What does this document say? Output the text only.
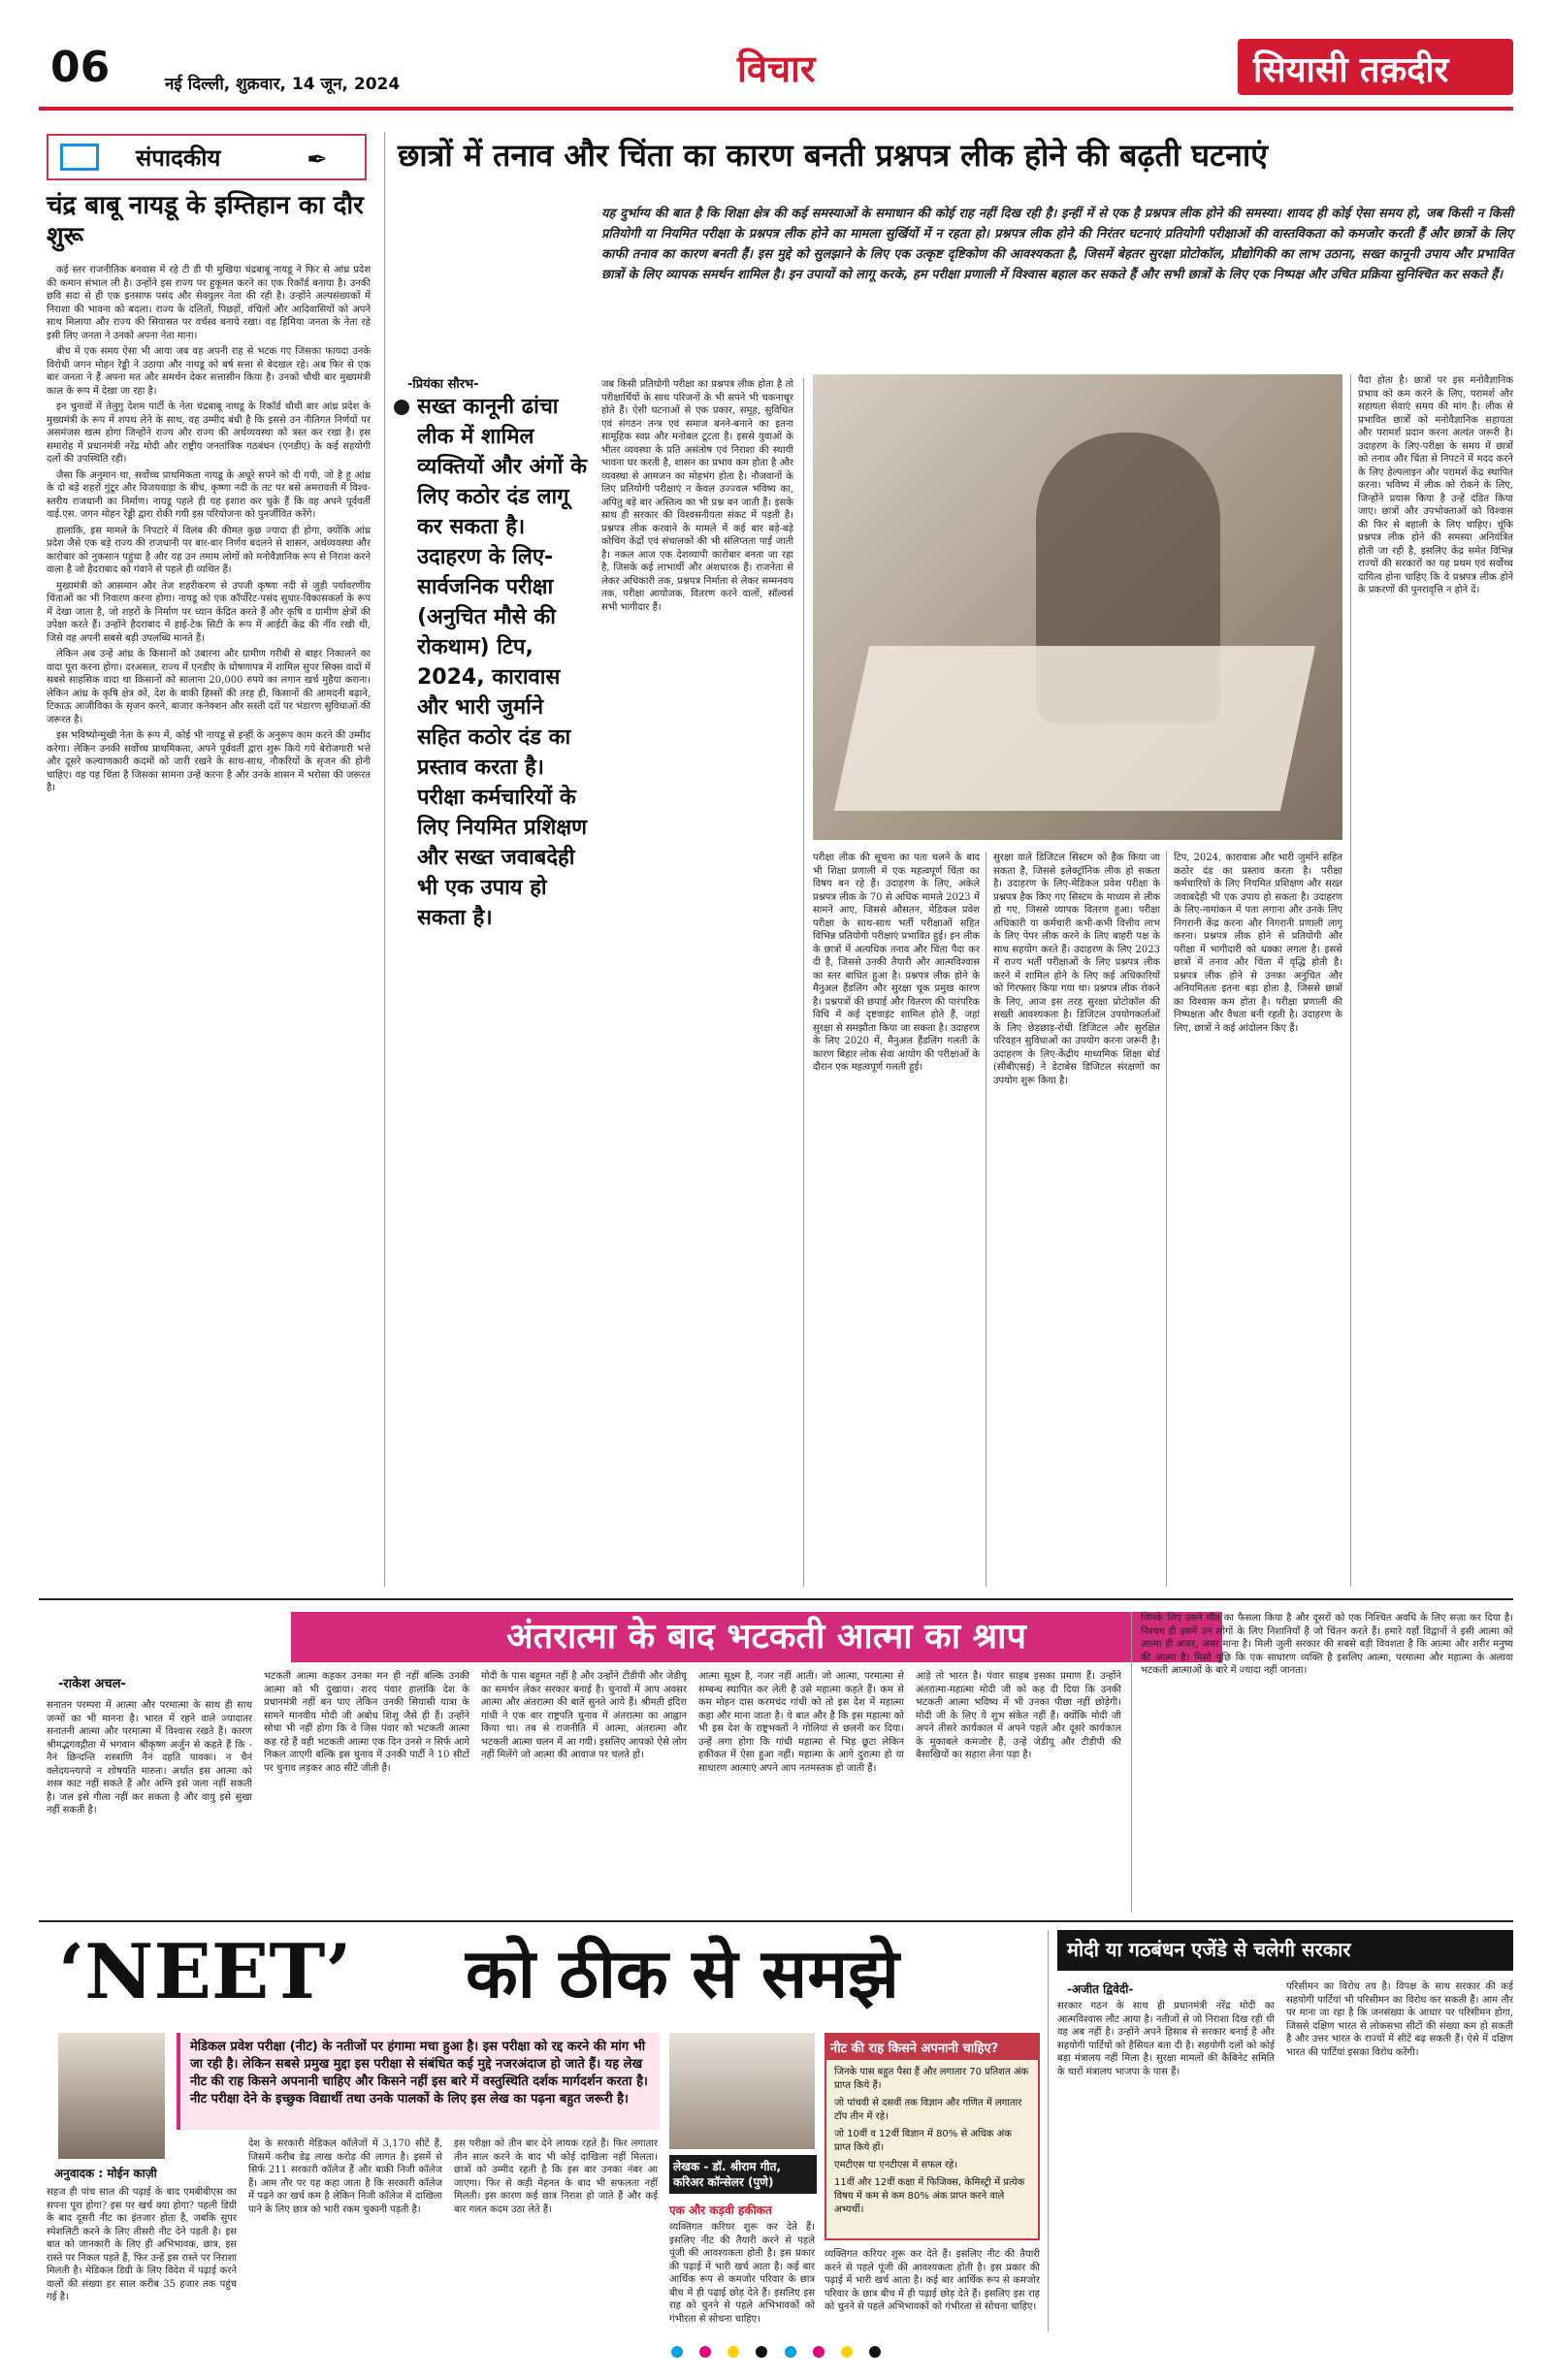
06	नई दिल्ली, शुक्रवार, 14 जून, 2024	विचार	सियासी तक़दीर
संपादकीय	✒
चंद्र बाबू नायडू के इम्तिहान का दौर शुरू

कई स्तर राजनीतिक बनवास में रहे टी डी पी मुखिया चंद्रबाबू नायडू ने फिर से आंध्र प्रदेश की कमान संभाल ली है। उन्होंने इस राज्य पर हुकूमत करने का एक रिकॉर्ड बनाया है। उनकी छवि सदा से ही एक इनसाफ पसंद और सेक्युलर नेता की रही है। उन्होंने अल्पसंख्यकों में निराशा की भावना को बदला। राज्य के दलितों, पिछड़ों, वंचितों और आदिवासियों को अपने साथ मिलाया और राज्य की सियासत पर वर्चस्व बनाये रखा। वह हिमिया जनता के नेता रहे इसी लिए जनता ने उनको अपना नेता माना।

बीच में एक समय ऐसा भी आया जब वह अपनी राह से भटक गए जिसका फायदा उनके विरोधी जगन मोहन रेड्डी ने उठाया और नायडू को बर्ष सत्ता से बेदखल रहे। अब फिर से एक बार जनता ने हैं अपना मत और समर्थन देकर सत्तासीन किया है। उनको चौथी बार मुख्यमंत्री काल के रूप में देखा जा रहा है।

इन चुनावों में तेलुगु देशम पार्टी के नेता चंद्रबाबू नायडू के रिकॉर्ड चौथी बार आंध्र प्रदेश के मुख्यमंत्री के रूप में शपथ लेने के साथ, वह उम्मीद बंधी है कि इससे उन नीतिगत निर्णयों पर असमंजस खत्म होगा जिन्होंने राज्य और राज्य की अर्थव्यवस्था को त्रस्त कर रखा है। इस समारोह में प्रधानमंत्री नरेंद्र मोदी और राष्ट्रीय जनतांत्रिक गठबंधन (एनडीए) के कई सहयोगी दलों की उपस्थिति रही।

जैसा कि अनुमान था, सर्वोच्च प्राथमिकता नायडू के अधूरे सपने को दी गयी, जो है हू आंध्र के दो बड़े शहरों गुंटूर और विजयवाड़ा के बीच, कृष्णा नदी के तट पर बसे अमरावती में विश्व-स्तरीय राजधानी का निर्माण। नायडू पहले ही यह इशारा कर चुके हैं कि वह अपने पूर्ववर्ती वाई.एस. जगन मोहन रेड्डी द्वारा रोकी गयी इस परियोजना को पुनर्जीवित करेंगे।

हालांकि, इस मामले के निपटारे में विलंब की कीमत कुछ ज्यादा ही होगा, क्योंकि आंध्र प्रदेश जैसे एक बड़े राज्य की राजधानी पर बार-बार निर्णय बदलने से शासन, अर्थव्यवस्था और कारोबार को नुकसान पहुंचा है और यह उन तमाम लोगों को मनोवैज्ञानिक रूप से निराश करने वाला है जो हैदराबाद को गंवाने से पहले ही व्यथित हैं।

मुख्यमंत्री को आसमान और तेज शहरीकरण से उपजी कृष्णा नदी से जुड़ी पर्यावरणीय चिंताओं का भी निवारण करना होगा। नायडू को एक कॉर्पोरेट-पसंद सुधार-विकासकर्ता के रूप में देखा जाता है, जो शहरों के निर्माण पर ध्यान केंद्रित करते हैं और कृषि व ग्रामीण क्षेत्रों की उपेक्षा करते हैं। उन्होंने हैदराबाद में हाई-टेक सिटी के रूप में आईटी केंद्र की नींव रखी थी, जिसे वह अपनी सबसे बड़ी उपलब्धि मानते हैं।

लेकिन अब उन्हें आंध्र के किसानों को उबारना और ग्रामीण गरीबी से बाहर निकालने का वादा पूरा करना होगा। दरअसल, राज्य में एनडीए के घोषणापत्र में शामिल सुपर सिक्स वादों में सबसे साहसिक वादा था किसानों को सालाना 20,000 रुपये का लगान खर्च मुहैया कराना। लेकिन आंध्र के कृषि क्षेत्र को, देश के बाकी हिस्सों की तरह ही, किसानों की आमदनी बढ़ाने, टिकाऊ आजीविका के सृजन करने, बाजार कनेक्शन और सस्ती दरों पर भंडारण सुविधाओं की जरूरत है।

इस भविष्योन्मुखी नेता के रूप में, कोई भी नायडू से इन्हीं के अनुरूप काम करने की उम्मीद करेगा। लेकिन उनकी सर्वोच्च प्राथमिकता, अपने पूर्ववर्ती द्वारा शुरू किये गये बेरोजगारी भत्ते और दूसरे कल्याणकारी कदमों को जारी रखने के साथ-साथ, नौकरियों के सृजन की होनी चाहिए। वह यह चिंता है जिसका सामना उन्हें करना है और उनके शासन में भरोसा की जरूरत है।

छात्रों में तनाव और चिंता का कारण बनती प्रश्नपत्र लीक होने की बढ़ती घटनाएं
यह दुर्भाग्य की बात है कि शिक्षा क्षेत्र की कई समस्याओं के समाधान की कोई राह नहीं दिख रही है। इन्हीं में से एक है प्रश्नपत्र लीक होने की समस्या। शायद ही कोई ऐसा समय हो, जब किसी न किसी प्रतियोगी या नियमित परीक्षा के प्रश्नपत्र लीक होने का मामला सुर्खियों में न रहता हो। प्रश्नपत्र लीक होने की निरंतर घटनाएं प्रतियोगी परीक्षाओं की वास्तविकता को कमजोर करती हैं और छात्रों के लिए काफी तनाव का कारण बनती हैं। इस मुद्दे को सुलझाने के लिए एक उत्कृष्ट दृष्टिकोण की आवश्यकता है, जिसमें बेहतर सुरक्षा प्रोटोकॉल, प्रौद्योगिकी का लाभ उठाना, सख्त कानूनी उपाय और प्रभावित छात्रों के लिए व्यापक समर्थन शामिल है। इन उपायों को लागू करके, हम परीक्षा प्रणाली में विश्वास बहाल कर सकते हैं और सभी छात्रों के लिए एक निष्पक्ष और उचित प्रक्रिया सुनिश्चित कर सकते हैं।
-प्रियंका सौरभ-
सख्त कानूनी ढांचा लीक में शामिल व्यक्तियों और अंगों के लिए कठोर दंड लागू कर सकता है। उदाहरण के लिए- सार्वजनिक परीक्षा (अनुचित मौसे की रोकथाम) टिप, 2024, कारावास और भारी जुर्माने सहित कठोर दंड का प्रस्ताव करता है। परीक्षा कर्मचारियों के लिए नियमित प्रशिक्षण और सख्त जवाबदेही भी एक उपाय हो सकता है।
जब किसी प्रतियोगी परीक्षा का प्रश्नपत्र लीक होता है तो परीक्षार्थियों के साथ परिजनों के भी सपने भी चकनाचूर होते हैं। ऐसी घटनाओं से एक प्रकार, समूह, सुविधित एवं संगठन तन्त्र एवं समाज बनने-बनाने का इतना सामूहिक स्वप्न और मनोबल टूटता है। इससे युवाओं के भीतर व्यवस्था के प्रति असंतोष एवं निराशा की स्थायी भावना घर करती है, शासन का प्रभाव कम होता है और व्यवस्था से आमजन का मोहभंग होता है। नौजवानों के लिए प्रतियोगी परीक्षाएं न केवल उज्ज्वल भविष्य का, अपितु बड़े बार अस्तित्व का भी प्रश्न बन जाती हैं। इसके साथ ही सरकार की विश्वसनीयता संकट में पड़ती है। प्रश्नपत्र लीक करवाने के मामले में कई बार बड़े-बड़े कोचिंग केंद्रों एवं संचालकों की भी संलिप्तता पाई जाती है। नकल आज एक देशव्यापी कारोबार बनता जा रहा है, जिसके कई लाभार्थी और अंशधारक हैं। राजनेता से लेकर अधिकारी तक, प्रश्नपत्र निर्माता से लेकर सम्मनवय तक, परीक्षा आयोजक, वितरण करने वालों, सॉल्वर्स सभी भागीदार हैं।
परीक्षा लीक की सूचना का पता चलने के बाद भी शिक्षा प्रणाली में एक महत्वपूर्ण चिंता का विषय बन रहे हैं। उदाहरण के लिए, अकेले प्रश्नपत्र लीक के 70 से अधिक मामले 2023 में सामने आए, जिससे औसतन, मेडिकल प्रवेश परीक्षा के साथ-साथ भर्ती परीक्षाओं सहित विभिन्न प्रतियोगी परीक्षाएं प्रभावित हुई। इन लीक के छात्रों में अत्यधिक तनाव और चिंता पैदा कर दी है, जिससे उनकी तैयारी और आत्मविश्वास का स्तर बाधित हुआ है। प्रश्नपत्र लीक होने के मैनुअल हैंडलिंग और सुरक्षा चूक प्रमुख कारण है। प्रश्नपत्रों की छपाई और वितरण की पारंपरिक विधि में कई दृष्टवाइंट शामिल होते हैं, जहां सुरक्षा से समझौता किया जा सकता है। उदाहरण के लिए 2020 में, मैनुअल हैंडलिंग गलती के कारण बिहार लोक सेवा आयोग की परीक्षाओं के दौरान एक महत्वपूर्ण गलती हुई।
सुरक्षा वाले डिजिटल सिस्टम को हैक किया जा सकता है, जिससे इलेक्ट्रॉनिक लीक हो सकता है। उदाहरण के लिए-मेडिकल प्रवेश परीक्षा के प्रश्नपत्र हैक किए गए सिस्टम के माध्यम से लीक हो गए, जिससे व्यापक वितरण हुआ। परीक्षा अधिकारी या कर्मचारी कभी-कभी वित्तीय लाभ के लिए पेपर लीक करने के लिए बाहरी पक्ष के साथ सहयोग करते हैं। उदाहरण के लिए 2023 में राज्य भर्ती परीक्षाओं के लिए प्रश्नपत्र लीक करने में शामिल होने के लिए कई अधिकारियों को गिरफ्तार किया गया था। प्रश्नपत्र लीक रोकने के लिए, आज इस तरह सुरक्षा प्रोटोकॉल की सख्ती आवश्यकता है। डिजिटल उपयोगकर्ताओं के लिए छेड़छाड़-रोधी डिजिटल और सुरक्षित परिवहन सुविधाओं का उपयोग करना जरूरी है। उदाहरण के लिए-केंद्रीय माध्यमिक शिक्षा बोर्ड (सीबीएसई) ने डेटाबेस डिजिटल संरक्षणों का उपयोग शुरू किया है।
टिप, 2024, कारावास और भारी जुर्माने सहित कठोर दंड का प्रस्ताव करता है। परीक्षा कर्मचारियों के लिए नियमित प्रशिक्षण और सख्त जवाबदेही भी एक उपाय हो सकता है। उदाहरण के लिए-नामांकन में पता लगाना और उनके लिए निगरानी केंद्र करना और निगरानी प्रणाली लागू करना। प्रश्नपत्र लीक होने से प्रतियोगी और परीक्षा में भागीदारी को धक्का लगता है। इससे छात्रों में तनाव और चिंता में वृद्धि होती है। प्रश्नपत्र लीक होने से उनका अनुचित और अनियमितता इतना बड़ा होता है, जिससे छात्रों का विश्वास कम होता है। परीक्षा प्रणाली की निष्पक्षता और वैधता बनी रहती है। उदाहरण के लिए, छात्रों ने कई आंदोलन किए हैं।
पैदा होता है। छात्रों पर इस मनोवैज्ञानिक प्रभाव को कम करने के लिए, परामर्श और सहायता सेवाएं समय की मांग है। लीक से प्रभावित छात्रों को मनोवैज्ञानिक सहायता और परामर्श प्रदान करना अत्यंत जरूरी है। उदाहरण के लिए-परीक्षा के समय में छात्रों को तनाव और चिंता से निपटने में मदद करने के लिए हेल्पलाइन और परामर्श केंद्र स्थापित करना। भविष्य में लीक को रोकने के लिए, जिन्होंने प्रयास किया है उन्हें दंडित किया जाए। छात्रों और उपभोक्ताओं को विश्वास की फिर से बहाली के लिए चाहिए। चूंकि प्रश्नपत्र लीक होने की समस्या अनियंत्रित होती जा रही है, इसलिए केंद्र समेत विभिन्न राज्यों की सरकारों का यह प्रथम एवं सर्वोच्च दायित्व होना चाहिए कि वे प्रश्नपत्र लीक होने के प्रकरणों की पुनरावृत्ति न होने दें।
अंतरात्मा के बाद भटकती आत्मा का श्राप
-राकेश अचल-
सनातन परम्परा में आत्मा और परमात्मा के साथ ही साथ जन्मों का भी मानना है। भारत में रहने वाले ज्यादातर सनातनी आत्मा और परमात्मा में विश्वास रखते हैं। कारण श्रीमद्भगवद्गीता में भगवान श्रीकृष्ण अर्जुन से कहते हैं कि - नैनं छिन्दन्ति शस्त्राणि नैनं दहति पावकः। न चैनं क्लेदयन्त्यापो न शोषयति मारुतः। अर्थात इस आत्मा को शस्त्र काट नहीं सकते हैं और अग्नि इसे जला नहीं सकती है। जल इसे गीला नहीं कर सकता है और वायु इसे सुखा नहीं सकती है।
भटकती आत्मा कहकर उनका मन ही नहीं बल्कि उनकी आत्मा को भी दुखाया। शरद पंवार हालांकि देश के प्रधानमंत्री नहीं बन पाए लेकिन उनकी सियासी यात्रा के सामने मानवीय मोदी जी अबोध शिशु जैसे ही हैं। उन्होंने सोचा भी नहीं होगा कि वे जिस पंवार को भटकती आत्मा कह रहे हैं वही भटकती आत्मा एक दिन उनसे न सिर्फ आगे निकल जाएगी बल्कि इस चुनाव में उनकी पार्टी ने 10 सीटों पर चुनाव लड़कर आठ सीटें जीती हैं।
मोदी के पास बहुमत नहीं है और उन्होंने टीडीपी और जेडीयू का समर्थन लेकर सरकार बनाई है। चुनावों में आप अवसर आत्मा और अंतरात्मा की बातें सुनते आये हैं। श्रीमती इंदिरा गांधी ने एक बार राष्ट्रपति चुनाव में अंतरात्मा का आह्वान किया था। तब से राजनीति में आत्मा, अंतरात्मा और भटकती आत्मा चलन में आ गयी। इसलिए आपको ऐसे लोग नहीं मिलेंगे जो आत्मा की आवाज पर चलते हों।
आत्मा सूक्ष्म है, नजर नहीं आती। जो आत्मा, परमात्मा से सम्बन्ध स्थापित कर लेती है उसे महात्मा कहते हैं। कम से कम मोहन दास करमचंद गांधी को तो इस देश में महात्मा कहा और माना जाता है। ये बात और है कि इस महात्मा को भी इस देश के राष्ट्रभक्तों ने गोलियां से छलनी कर दिया। उन्हें लगा होगा कि गांधी महात्मा से भिड़ छूटा लेकिन हकीकत में ऐसा हुआ नहीं। महात्मा के आगे दुरात्मा हो या साधारण आत्माएं अपने आप नतमस्तक हो जाती हैं।
आड़े तो भारत है। पंवार साहब इसका प्रमाण हैं। उन्होंने अंतरात्मा-महात्मा मोदी जी को कह दी दिया कि उनकी भटकती आत्मा भविष्य में भी उनका पीछा नहीं छोड़ेगी। मोदी जी के लिए ये शुभ संकेत नहीं हैं। क्योंकि मोदी जी अपने तीसरे कार्यकाल में अपने पहले और दूसरे कार्यकाल के मुकाबले कमजोर हैं, उन्हें जेडीयू और टीडीपी की बैसाखियों का सहारा लेना पड़ा है।
जिनके लिए उसने मौत का फैसला किया है और दूसरों को एक निश्चित अवधि के लिए सज़ा कर दिया है। निश्चय ही इसमें उन लोगों के लिए निशानियाँ हैं जो चिंतन करते हैं। हमारे यहाँ विद्वानों ने इसी आत्मा को आत्मा ही अजर, अमर माना है। मिली जुली सरकार की सबसे बड़ी विवशता है कि आत्मा और शरीर मनुष्य की आत्मा है। मिसो पूछि कि एक साधारण व्यक्ति है इसलिए आत्मा, परमात्मा और महात्मा के अलावा भटकती आत्माओं के बारे में ज्यादा नहीं जानता।
‘NEET’ को ठीक से समझे
अनुवादक : मोईन काज़ी
मेडिकल प्रवेश परीक्षा (नीट) के नतीजों पर हंगामा मचा हुआ है। इस परीक्षा को रद्द करने की मांग भी जा रही है। लेकिन सबसे प्रमुख मुद्दा इस परीक्षा से संबंधित कई मुद्दे नजरअंदाज हो जाते हैं। यह लेख नीट की राह किसने अपनानी चाहिए और किसने नहीं इस बारे में वस्तुस्थिति दर्शक मार्गदर्शन करता है। नीट परीक्षा देने के इच्छुक विद्यार्थी तथा उनके पालकों के लिए इस लेख का पढ़ना बहुत जरूरी है।
लेखक - डॉ. श्रीराम गीत, करिअर कॉन्सेलर (पुणे)
नीट की राह किसने अपनानी चाहिए?
जिनके पास बहुत पैसा हैं और लगातार 70 प्रतिशत अंक प्राप्त किये हैं।
जो पांचवी से दसवीं तक विज्ञान और गणित में लगातार टॉप तीन में रहे।
जो 10वीं व 12वीं विज्ञान में 80% से अधिक अंक प्राप्त किये हों।
एमटीएस या एनटीएस में सफल रहे।
11वीं और 12वीं कक्षा में फिजिक्स, केमिस्ट्री में प्रत्येक विषय में कम से कम 80% अंक प्राप्त करने वाले अभ्यर्थी।
सहज ही पांच साल की पढ़ाई के बाद एमबीबीएस का सपना पूरा होगा? इस पर खर्च क्या होगा? पहली डिग्री के बाद दूसरी नीट का इंतजार होता है, जबकि सुपर स्पेशलिटी करने के लिए तीसरी नीट देने पड़ती है। इस बात को जानकारी के लिए ही अभिभावक, छात्र, इस रास्ते पर निकल पड़ते हैं, फिर उन्हें इस रास्ते पर निराशा मिलती है। मेडिकल डिग्री के लिए विदेश में पढ़ाई करने वालों की संख्या हर साल करीब 35 हजार तक पहुंच गई है।
देश के सरकारी मेडिकल कॉलेजों में 3,170 सीटें हैं, जिसमें करीब डेढ़ लाख करोड़ की लागत है। इसमें से सिर्फ 211 सरकारी कॉलेज हैं और बाकी निजी कॉलेज हैं। आम तौर पर यह कहा जाता है कि सरकारी कॉलेज में पढ़ने का खर्च कम है लेकिन निजी कॉलेज में दाखिला पाने के लिए छात्र को भारी रकम चुकानी पड़ती है।
इस परीक्षा को तीन बार देने लायक रहते हैं। फिर लगातार तीन साल करने के बाद भी कोई दाखिला नहीं मिलता। छात्रों को उम्मीद रहती है कि इस बार उनका नंबर आ जाएगा। फिर से कड़ी मेहनत के बाद भी सफलता नहीं मिलती। इस कारण कई छात्र निराश हो जाते हैं और कई बार गलत कदम उठा लेते हैं।	एक और कड़वी हकीकत
व्यक्तिगत करियर शुरू कर देते हैं। इसलिए नीट की तैयारी करने से पहले पूंजी की आवश्यकता होती है। इस प्रकार की पढ़ाई में भारी खर्च आता है। कई बार आर्थिक रूप से कमजोर परिवार के छात्र बीच में ही पढ़ाई छोड़ देते हैं। इसलिए इस राह को चुनने से पहले अभिभावकों को गंभीरता से सोचना चाहिए।
व्यक्तिगत करियर शुरू कर देते हैं। इसलिए नीट की तैयारी करने से पहले पूंजी की आवश्यकता होती है। इस प्रकार की पढ़ाई में भारी खर्च आता है। कई बार आर्थिक रूप से कमजोर परिवार के छात्र बीच में ही पढ़ाई छोड़ देते हैं। इसलिए इस राह को चुनने से पहले अभिभावकों को गंभीरता से सोचना चाहिए।
मोदी या गठबंधन एजेंडे से चलेगी सरकार
-अजीत द्विवेदी-
सरकार गठन के साथ ही प्रधानमंत्री नरेंद्र मोदी का आत्मविश्वास लौट आया है। नतीजों से जो निराशा दिख रही थी वह अब नहीं है। उन्होंने अपने हिसाब से सरकार बनाई है और सहयोगी पार्टियों को हैसियत बता दी है। सहयोगी दलों को कोई बड़ा मंत्रालय नहीं मिला है। सुरक्षा मामलों की कैबिनेट समिति के चारों मंत्रालय भाजपा के पास हैं।
परिसीमन का विरोध तय है। विपक्ष के साथ सरकार की कई सहयोगी पार्टियां भी परिसीमन का विरोध कर सकती हैं। आम तौर पर माना जा रहा है कि जनसंख्या के आधार पर परिसीमन होगा, जिससे दक्षिण भारत से लोकसभा सीटों की संख्या कम हो सकती है और उत्तर भारत के राज्यों में सीटें बढ़ सकती हैं। ऐसे में दक्षिण भारत की पार्टियां इसका विरोध करेंगी।
